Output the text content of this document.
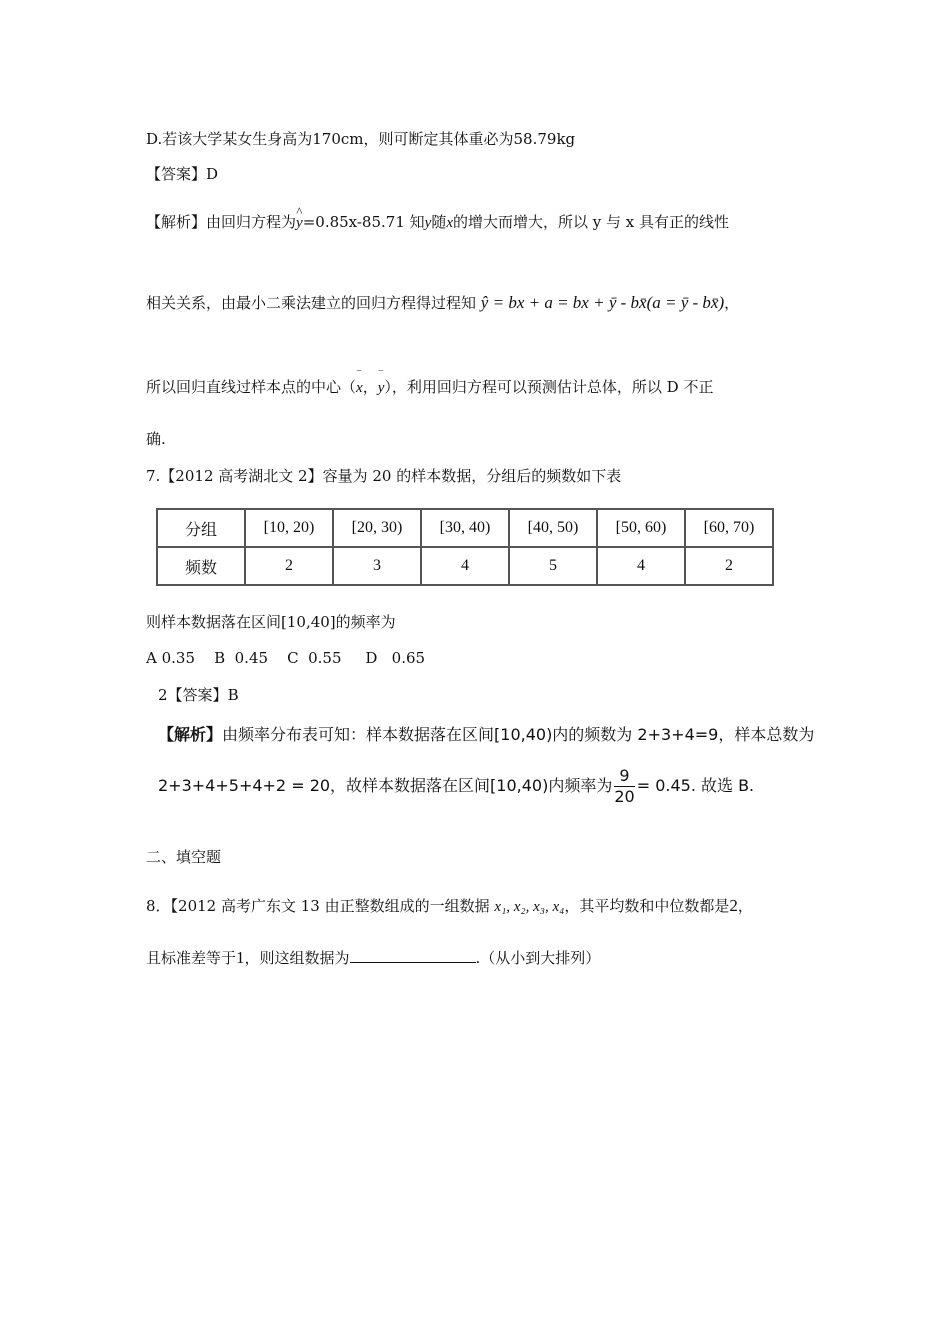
D.若该大学某女生身高为170cm，则可断定其体重必为58.79kg
【答案】D
【解析】由回归方程为
^
y=0.85x-85.71 知y随x的增大而增大，所以 y 与 x 具有正的线性
相关关系，由最小二乘法建立的回归方程得过程知 ŷ = bx + a = bx + ȳ - bx̄(a = ȳ - bx̄)，
所以回归直线过样本点的中心（
‾
x，
‾
y），利用回归方程可以预测估计总体，所以 D 不正
确.
7.【2012 高考湖北文 2】容量为 20 的样本数据，分组后的频数如下表
分组	[10, 20)	[20, 30)	[30, 40)	[40, 50)	[50, 60)	[60, 70)
频数	2	3	4	5	4	2
则样本数据落在区间[10,40]的频率为
A 0.35    B  0.45    C  0.55     D   0.65
2【答案】B
【解析】由频率分布表可知：样本数据落在区间[10,40)内的频数为 2+3+4=9，样本总数为
2+3+4+5+4+2 = 20，故样本数据落在区间[10,40)内频率为 $\frac{9}{20} = 0.45$. 故选 B.
二、填空题
8．【2012 高考广东文 13 由正整数组成的一组数据 x₁, x₂, x₃, x₄，其平均数和中位数都是2，
且标准差等于1，则这组数据为	.（从小到大排列）
